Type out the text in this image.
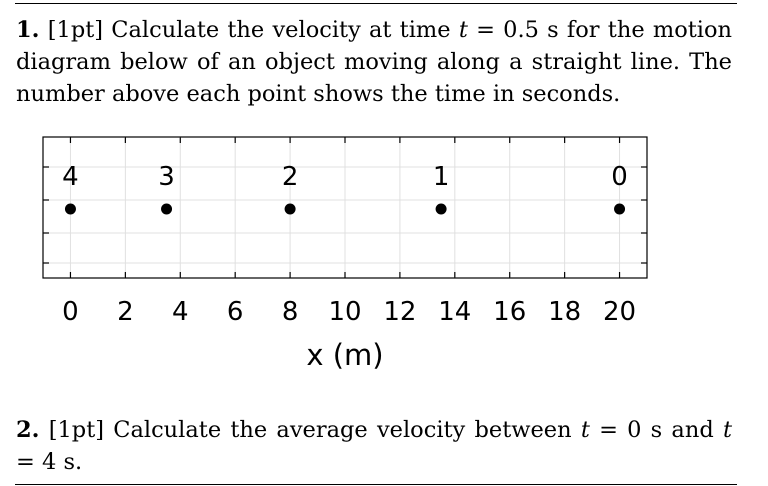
1. [1pt] Calculate the velocity at time t = 0.5 s for the motion diagram below of an object moving along a straight line. The number above each point shows the time in seconds.
0 2 4 6 8 10 12 14 16 18 20
0
1
2
3
4
x (m)
2. [1pt] Calculate the average velocity between t = 0 s and t = 4 s.
